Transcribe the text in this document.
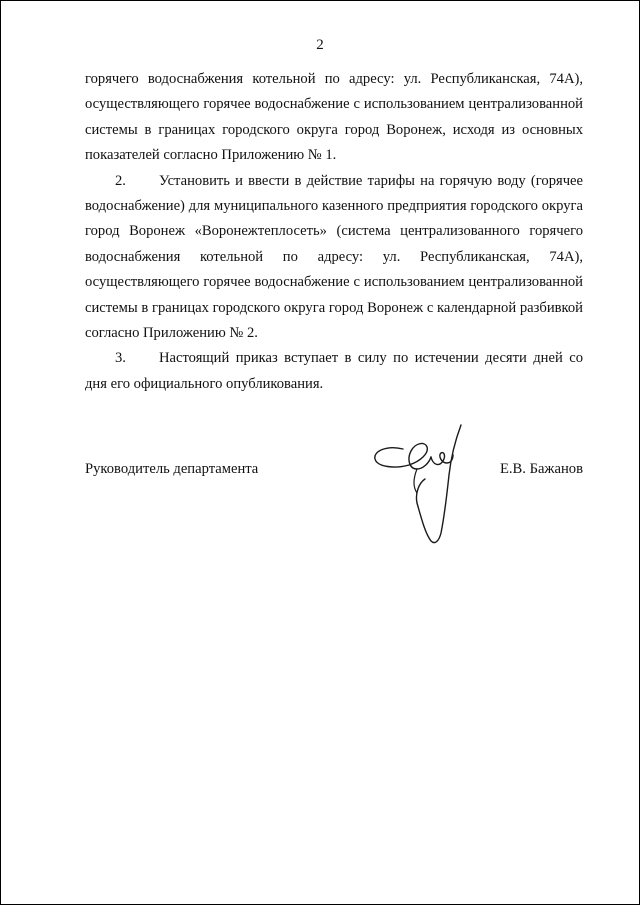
2

горячего водоснабжения котельной по адресу: ул. Республиканская, 74А), осуществляющего горячее водоснабжение с использованием централизованной системы в границах городского округа город Воронеж, исходя из основных показателей согласно Приложению № 1.

2. Установить и ввести в действие тарифы на горячую воду (горячее водоснабжение) для муниципального казенного предприятия городского округа город Воронеж «Воронежтеплосеть» (система централизованного горячего водоснабжения котельной по адресу: ул. Республиканская, 74А), осуществляющего горячее водоснабжение с использованием централизованной системы в границах городского округа город Воронеж с календарной разбивкой согласно Приложению № 2.

3. Настоящий приказ вступает в силу по истечении десяти дней со дня его официального опубликования.

Руководитель департамента	Е.В. Бажанов
